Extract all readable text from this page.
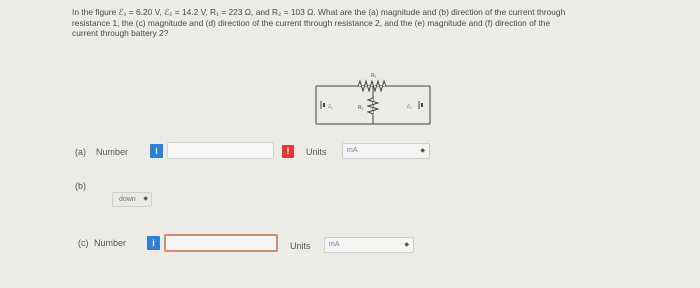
In the figure ℰ₁ = 6.20 V, ℰ₂ = 14.2 V, R₁ = 223 Ω, and R₂ = 103 Ω. What are the (a) magnitude and (b) direction of the current through
resistance 1, the (c) magnitude and (d) direction of the current through resistance 2, and the (e) magnitude and (f) direction of the
current through battery 2?
R₁
ℰ₁	R₂	ℰ₂
(a) Number	i	!	Units	mA	◆
(b)
down ◆
(c) Number	i	Units	mA	◆
